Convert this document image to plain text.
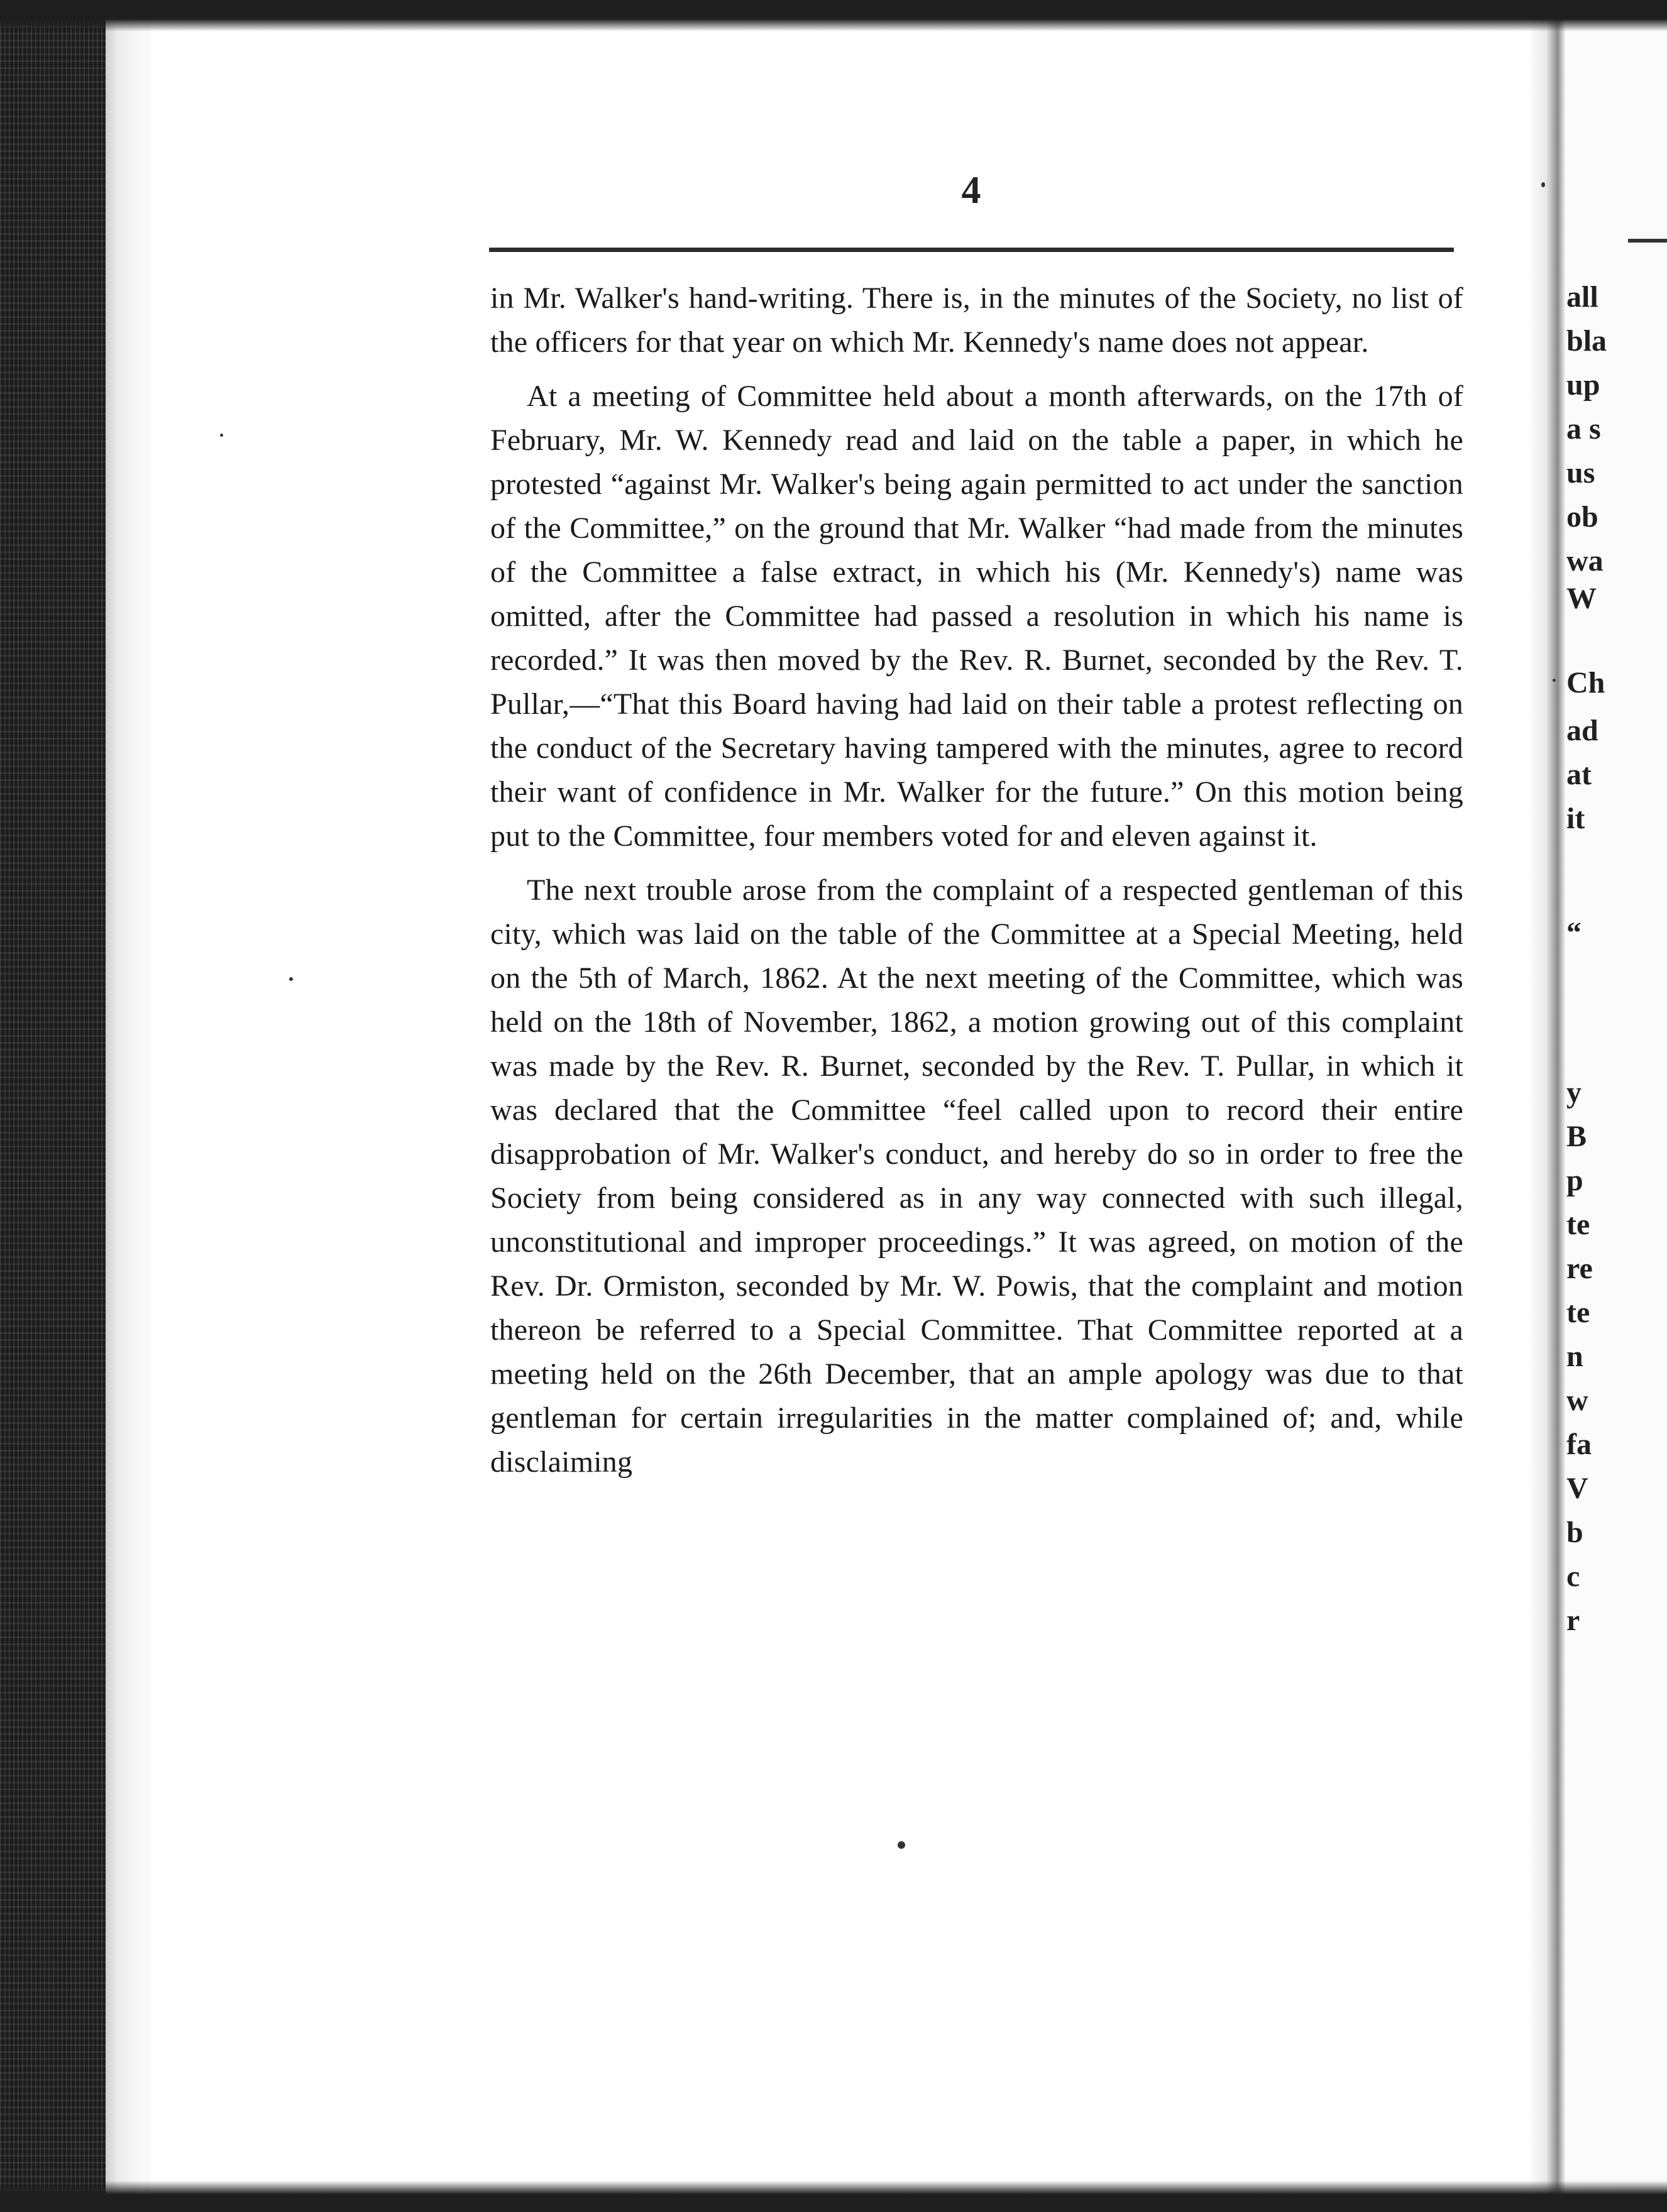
4

in Mr. Walker's hand-writing. There is, in the minutes of the Society, no list of the officers for that year on which Mr. Kennedy's name does not appear.

At a meeting of Committee held about a month afterwards, on the 17th of February, Mr. W. Kennedy read and laid on the table a paper, in which he protested “against Mr. Walker's being again permitted to act under the sanction of the Committee,” on the ground that Mr. Walker “had made from the minutes of the Committee a false extract, in which his (Mr. Kennedy's) name was omitted, after the Committee had passed a resolution in which his name is recorded.” It was then moved by the Rev. R. Burnet, seconded by the Rev. T. Pullar,—“That this Board having had laid on their table a protest reflecting on the conduct of the Secretary having tampered with the minutes, agree to record their want of confidence in Mr. Walker for the future.” On this motion being put to the Committee, four members voted for and eleven against it.

The next trouble arose from the complaint of a respected gentleman of this city, which was laid on the table of the Committee at a Special Meeting, held on the 5th of March, 1862. At the next meeting of the Committee, which was held on the 18th of November, 1862, a motion growing out of this complaint was made by the Rev. R. Burnet, seconded by the Rev. T. Pullar, in which it was declared that the Committee “feel called upon to record their entire disapprobation of Mr. Walker's conduct, and hereby do so in order to free the Society from being considered as in any way connected with such illegal, unconstitutional and improper proceedings.” It was agreed, on motion of the Rev. Dr. Ormiston, seconded by Mr. W. Powis, that the complaint and motion thereon be referred to a Special Committee. That Committee reported at a meeting held on the 26th December, that an ample apology was due to that gentleman for certain irregularities in the matter complained of; and, while disclaiming

all
bla
up
a s
us
ob
wa
W
Ch
ad
at
it
“
y
B
p
te
re
te
n
w
fa
V
b
c
r
